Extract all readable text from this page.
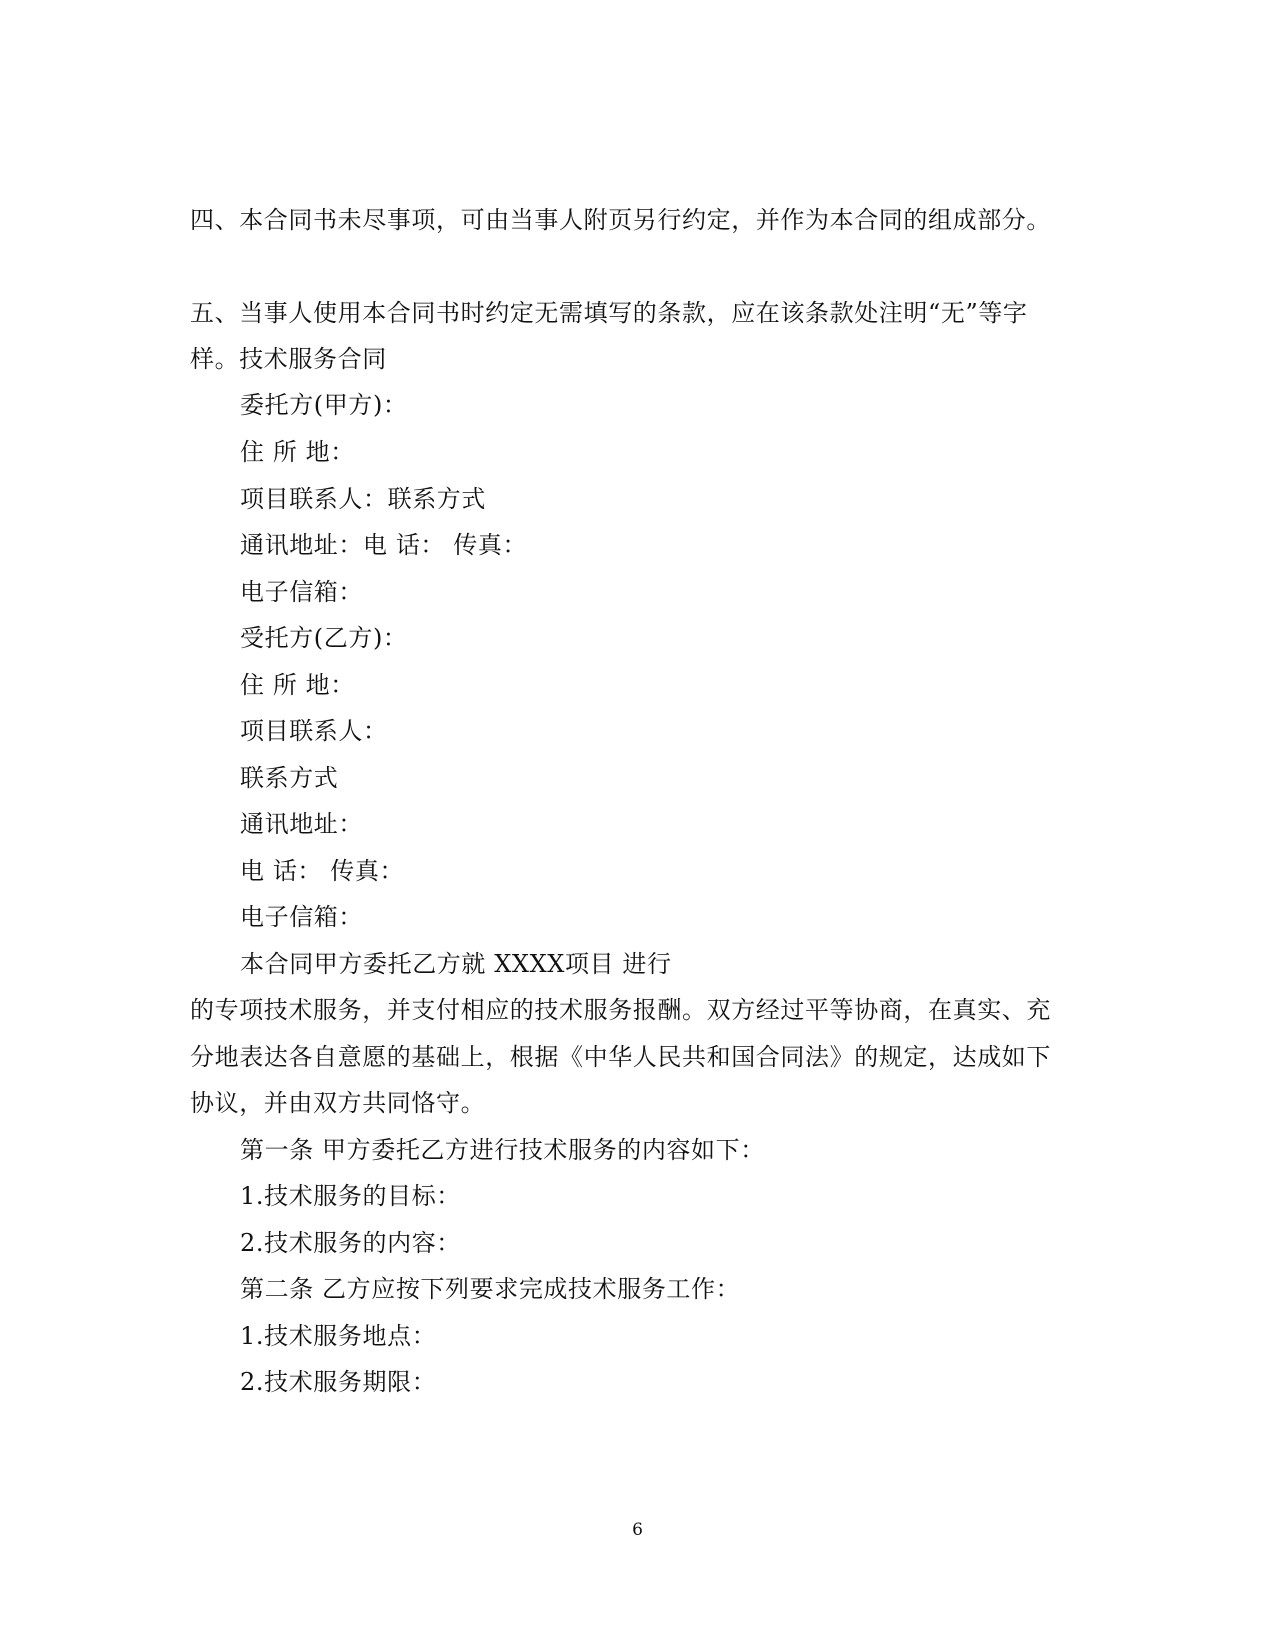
四、本合同书未尽事项，可由当事人附页另行约定，并作为本合同的组成部分。
五、当事人使用本合同书时约定无需填写的条款，应在该条款处注明“无”等字
样。技术服务合同
委托方(甲方)：
住 所 地：
项目联系人：联系方式
通讯地址：电 话： 传真：
电子信箱：
受托方(乙方)：
住 所 地：
项目联系人：
联系方式
通讯地址：
电 话： 传真：
电子信箱：
本合同甲方委托乙方就 XXXX项目 进行
的专项技术服务，并支付相应的技术服务报酬。双方经过平等协商，在真实、充
分地表达各自意愿的基础上，根据《中华人民共和国合同法》的规定，达成如下
协议，并由双方共同恪守。
第一条 甲方委托乙方进行技术服务的内容如下：
1.技术服务的目标：
2.技术服务的内容：
第二条 乙方应按下列要求完成技术服务工作：
1.技术服务地点：
2.技术服务期限：
6
